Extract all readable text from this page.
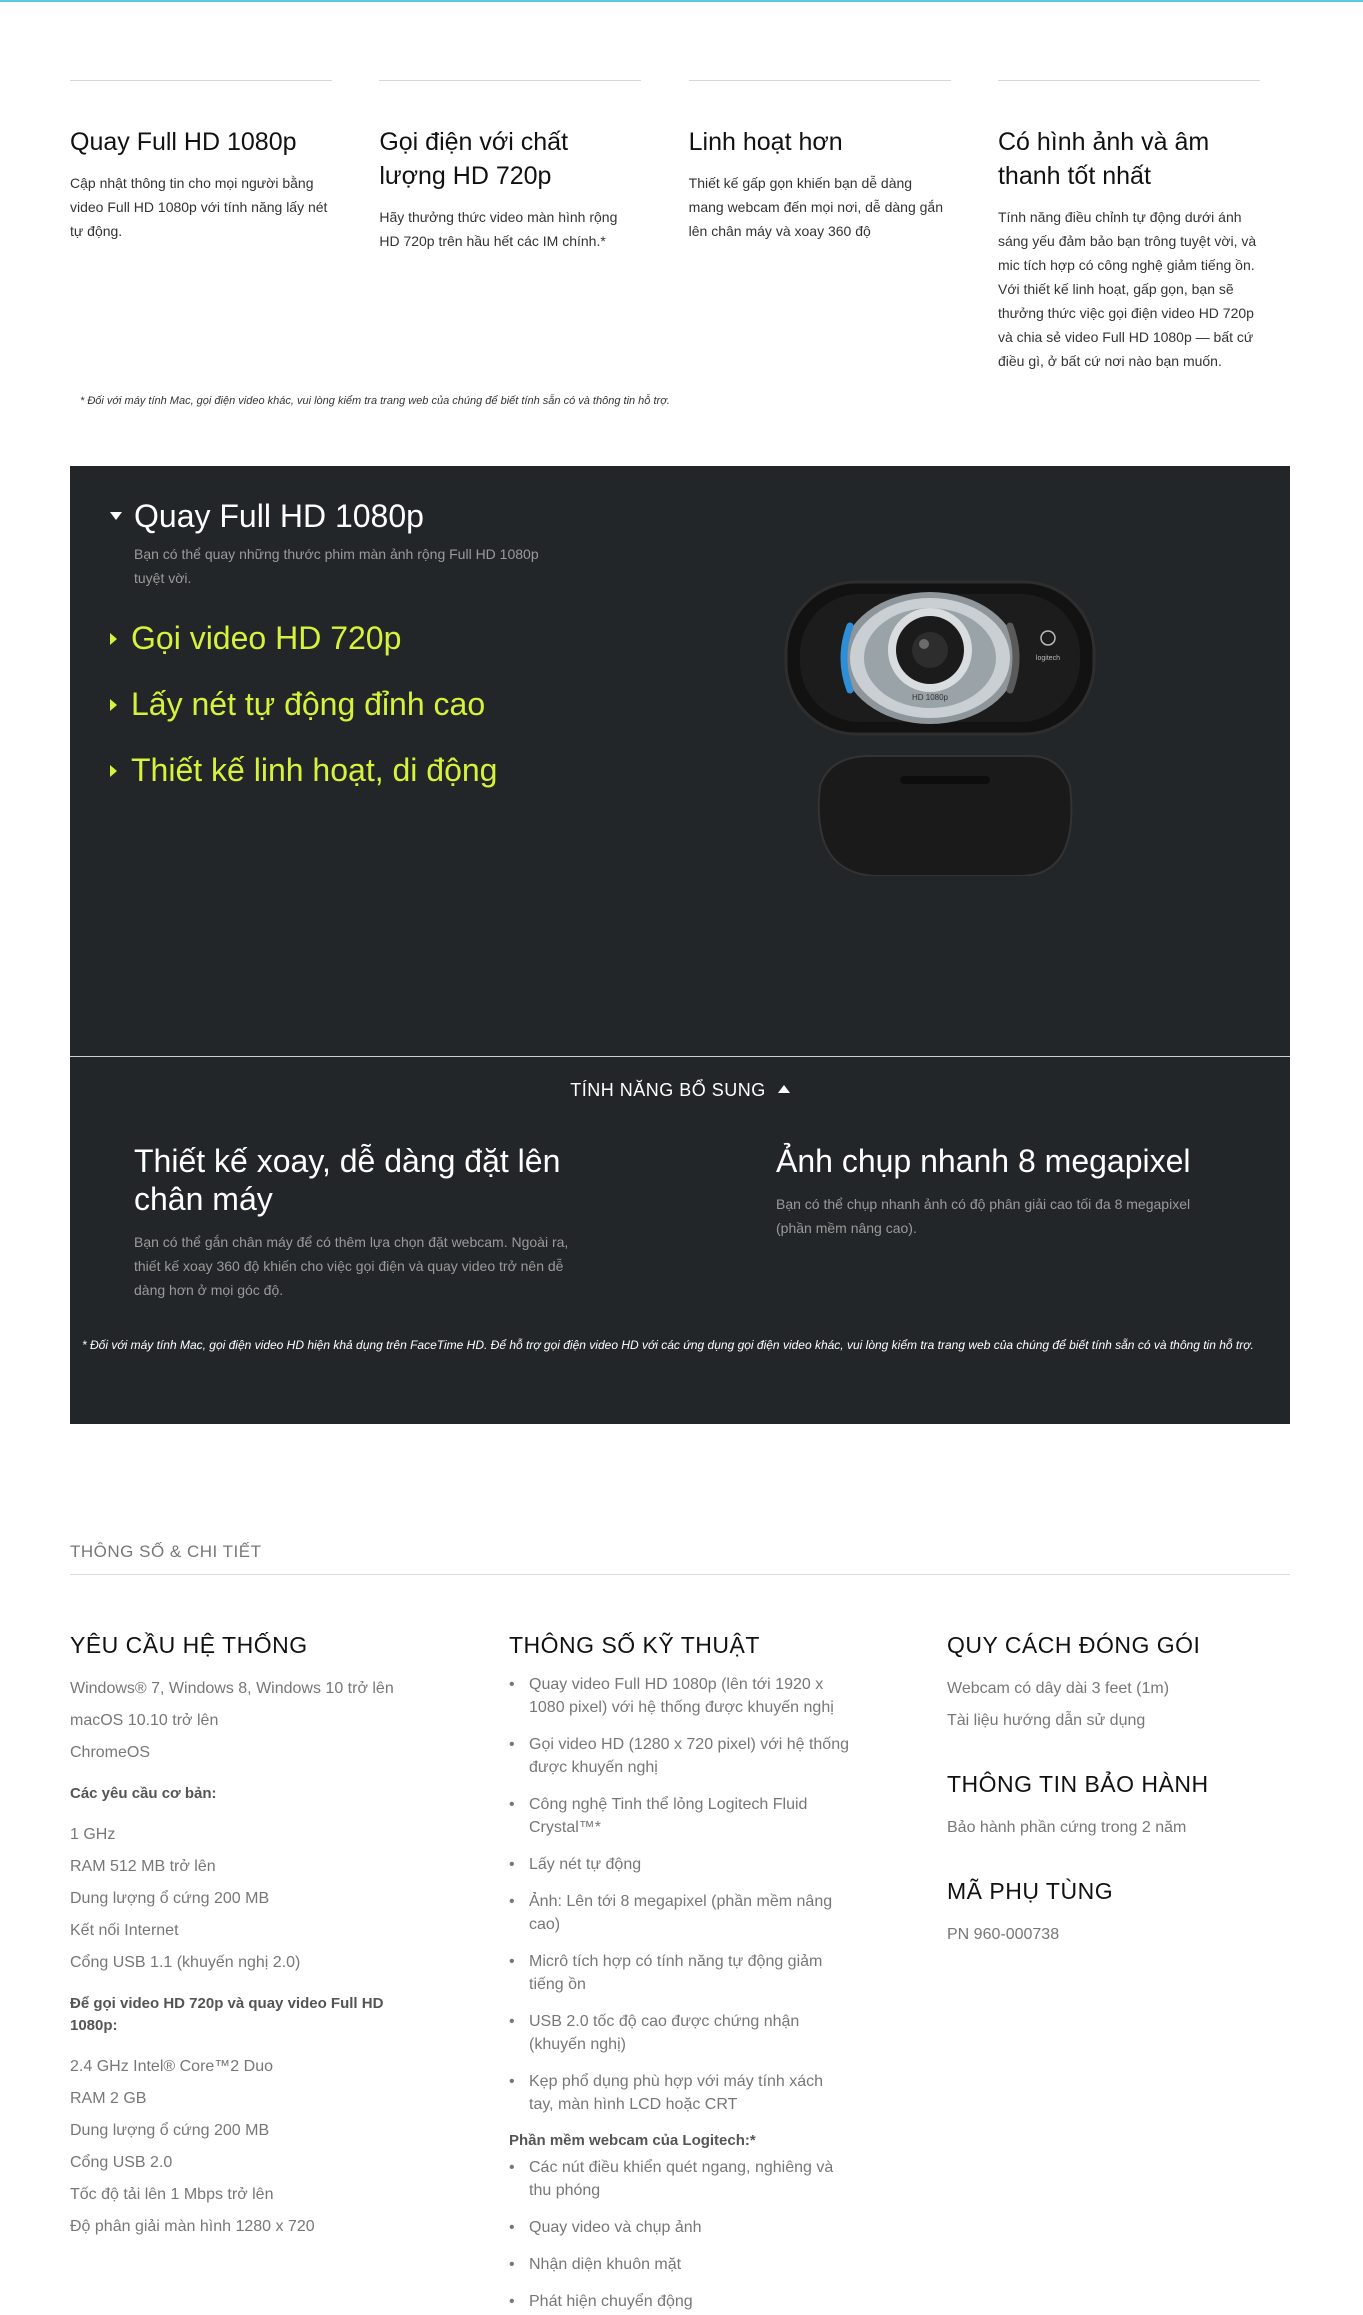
Quay Full HD 1080p

Cập nhật thông tin cho mọi người bằng video Full HD 1080p với tính năng lấy nét tự động.

Gọi điện với chất lượng HD 720p

Hãy thưởng thức video màn hình rộng HD 720p trên hầu hết các IM chính.*

Linh hoạt hơn

Thiết kế gấp gọn khiến bạn dễ dàng mang webcam đến mọi nơi, dễ dàng gắn lên chân máy và xoay 360 độ

Có hình ảnh và âm thanh tốt nhất

Tính năng điều chỉnh tự động dưới ánh sáng yếu đảm bảo bạn trông tuyệt vời, và mic tích hợp có công nghệ giảm tiếng ồn. Với thiết kế linh hoạt, gấp gọn, bạn sẽ thưởng thức việc gọi điện video HD 720p và chia sẻ video Full HD 1080p — bất cứ điều gì, ở bất cứ nơi nào bạn muốn.

* Đối với máy tính Mac, gọi điện video khác, vui lòng kiểm tra trang web của chúng để biết tính sẵn có và thông tin hỗ trợ.
Quay Full HD 1080p
Bạn có thể quay những thước phim màn ảnh rộng Full HD 1080p tuyệt vời.
Gọi video HD 720p
Lấy nét tự động đỉnh cao
Thiết kế linh hoạt, di động
HD 1080p
logitech
TÍNH NĂNG BỔ SUNG
Thiết kế xoay, dễ dàng đặt lên chân máy

Bạn có thể gắn chân máy để có thêm lựa chọn đặt webcam. Ngoài ra, thiết kế xoay 360 độ khiến cho việc gọi điện và quay video trở nên dễ dàng hơn ở mọi góc độ.

Ảnh chụp nhanh 8 megapixel

Bạn có thể chụp nhanh ảnh có độ phân giải cao tối đa 8 megapixel (phần mềm nâng cao).

* Đối với máy tính Mac, gọi điện video HD hiện khả dụng trên FaceTime HD. Để hỗ trợ gọi điện video HD với các ứng dụng gọi điện video khác, vui lòng kiểm tra trang web của chúng để biết tính sẵn có và thông tin hỗ trợ.
THÔNG SỐ & CHI TIẾT
YÊU CẦU HỆ THỐNG
Windows® 7, Windows 8, Windows 10 trở lên
macOS 10.10 trở lên
ChromeOS
Các yêu cầu cơ bản:
1 GHz
RAM 512 MB trở lên
Dung lượng ổ cứng 200 MB
Kết nối Internet
Cổng USB 1.1 (khuyến nghị 2.0)
Để gọi video HD 720p và quay video Full HD 1080p:
2.4 GHz Intel® Core™2 Duo
RAM 2 GB
Dung lượng ổ cứng 200 MB
Cổng USB 2.0
Tốc độ tải lên 1 Mbps trở lên
Độ phân giải màn hình 1280 x 720
THÔNG SỐ KỸ THUẬT
• Quay video Full HD 1080p (lên tới 1920 x 1080 pixel) với hệ thống được khuyến nghị
• Gọi video HD (1280 x 720 pixel) với hệ thống được khuyến nghị
• Công nghệ Tinh thể lỏng Logitech Fluid Crystal™*
• Lấy nét tự động
• Ảnh: Lên tới 8 megapixel (phần mềm nâng cao)
• Micrô tích hợp có tính năng tự động giảm tiếng ồn
• USB 2.0 tốc độ cao được chứng nhận (khuyến nghị)
• Kẹp phổ dụng phù hợp với máy tính xách tay, màn hình LCD hoặc CRT
Phần mềm webcam của Logitech:*
• Các nút điều khiển quét ngang, nghiêng và thu phóng
• Quay video và chụp ảnh
• Nhận diện khuôn mặt
• Phát hiện chuyển động
QUY CÁCH ĐÓNG GÓI
Webcam có dây dài 3 feet (1m)
Tài liệu hướng dẫn sử dụng
THÔNG TIN BẢO HÀNH
Bảo hành phần cứng trong 2 năm
MÃ PHỤ TÙNG
PN 960-000738
